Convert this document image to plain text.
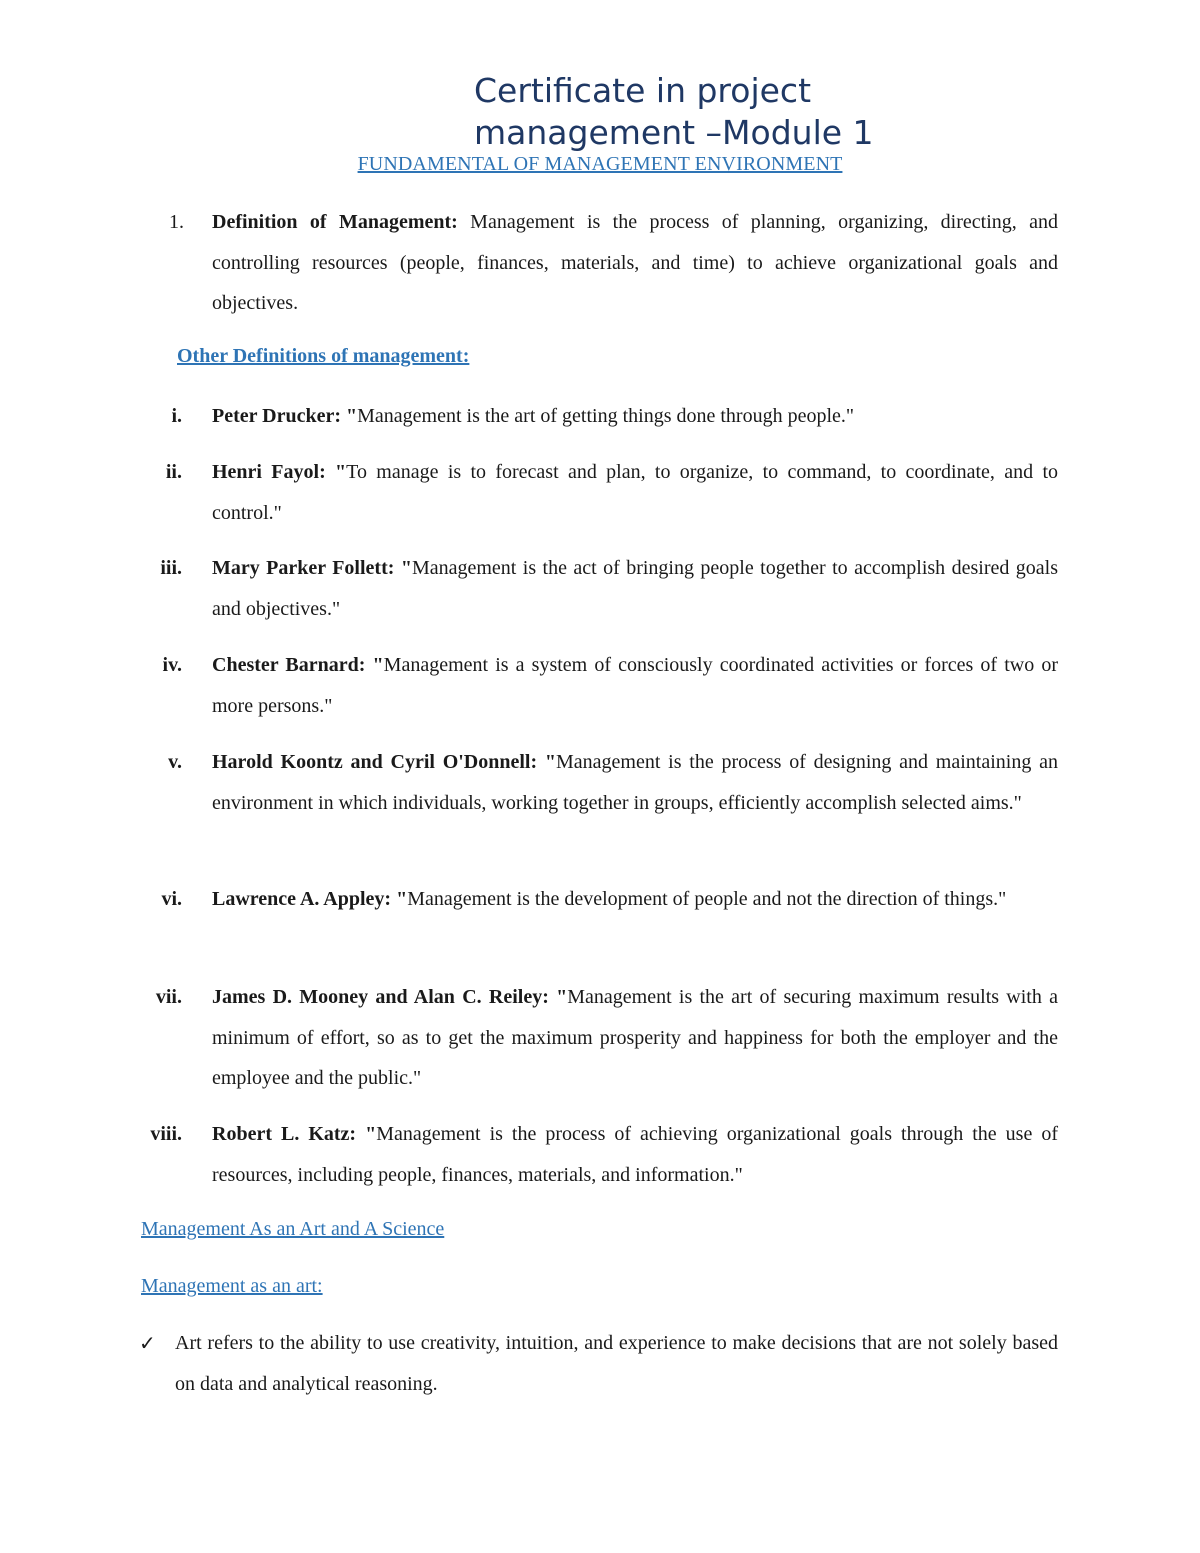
Certificate in project
management –Module 1
FUNDAMENTAL OF MANAGEMENT ENVIRONMENT
1. Definition of Management: Management is the process of planning, organizing, directing, and controlling resources (people, finances, materials, and time) to achieve organizational goals and objectives.
Other Definitions of management:
i. Peter Drucker: "Management is the art of getting things done through people."
ii. Henri Fayol: "To manage is to forecast and plan, to organize, to command, to coordinate, and to control."
iii. Mary Parker Follett: "Management is the act of bringing people together to accomplish desired goals and objectives."
iv. Chester Barnard: "Management is a system of consciously coordinated activities or forces of two or more persons."
v. Harold Koontz and Cyril O'Donnell: "Management is the process of designing and maintaining an environment in which individuals, working together in groups, efficiently accomplish selected aims."
vi. Lawrence A. Appley: "Management is the development of people and not the direction of things."
vii. James D. Mooney and Alan C. Reiley: "Management is the art of securing maximum results with a minimum of effort, so as to get the maximum prosperity and happiness for both the employer and the employee and the public."
viii. Robert L. Katz: "Management is the process of achieving organizational goals through the use of resources, including people, finances, materials, and information."
Management As an Art and A Science
Management as an art:
✓ Art refers to the ability to use creativity, intuition, and experience to make decisions that are not solely based on data and analytical reasoning.
